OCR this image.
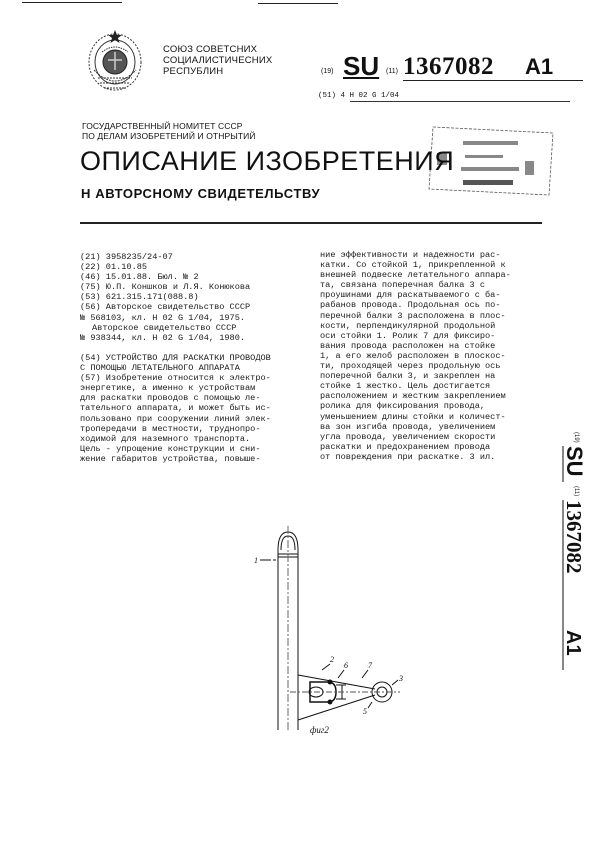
СОЮЗ СОВЕТСНИХ
СОЦИАЛИСТИЧЕСНИХ
РЕСПУБЛИН	(19) SU (11) 1367082 A1
(51) 4 Н 02 G 1/04
ГОСУДАРСТВЕННЫЙ НОМИТЕТ СССР
ПО ДЕЛАМ ИЗОБРЕТЕНИЙ И ОТНРЫТИЙ
ОПИСАНИЕ ИЗОБРЕТЕНИЯ
Н АВТОРСНОМУ СВИДЕТЕЛЬСТВУ
(21) 3958235/24-07
(22) 01.10.85
(46) 15.01.88. Бюл. № 2
(75) Ю.П. Коншков и Л.Я. Конюкова
(53) 621.315.171(088.8)
(56) Авторское свидетельство СССР
№ 568103, кл. Н 02 G 1/04, 1975.
Авторское свидетельство СССР
№ 938344, кл. Н 02 G 1/04, 1980.
(54) УСТРОЙСТВО ДЛЯ РАСКАТКИ ПРОВОДОВ
С ПОМОЩЬЮ ЛЕТАТЕЛЬНОГО АППАРАТА
(57) Изобретение относится к электро-
энергетике, а именно к устройствам
для раскатки проводов с помощью ле-
тательного аппарата, и может быть ис-
пользовано при сооружении линий элек-
тропередачи в местности, труднопро-
ходимой для наземного транспорта.
Цель - упрощение конструкции и сни-
жение габаритов устройства, повыше-
ние эффективности и надежности рас-
катки. Со стойкой 1, прикрепленной к
внешней подвеске летательного аппара-
та, связана поперечная балка 3 с
проушинами для раскатываемого с ба-
рабанов провода. Продольная ось по-
перечной балки 3 расположена в плос-
кости, перпендикулярной продольной
оси стойки 1. Ролик 7 для фиксиро-
вания провода расположен на стойке
1, а его желоб расположен в плоскос-
ти, проходящей через продольную ось
поперечной балки 3, и закреплен на
стойке 1 жестко. Цель достигается
расположением и жестким закреплением
ролика для фиксирования провода,
уменьшением длины стойки и количест-
ва зон изгиба провода, увеличением
угла провода, увеличением скорости
раскатки и предохранением провода
от повреждения при раскатке. 3 ил.
(19)
SU
(11)
1367082
A1
1
2
6	7
3
5
фиг2
